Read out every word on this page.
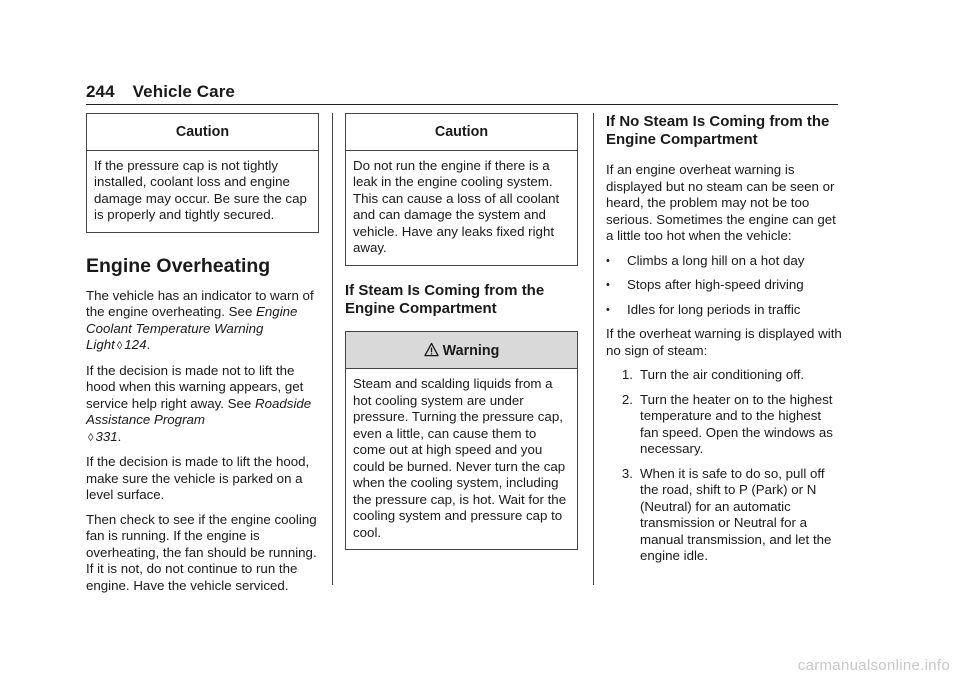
244 Vehicle Care
Caution
If the pressure cap is not tightly installed, coolant loss and engine damage may occur. Be sure the cap is properly and tightly secured.
Engine Overheating

The vehicle has an indicator to warn of the engine overheating. See Engine Coolant Temperature Warning Light ◊ 124.

If the decision is made not to lift the hood when this warning appears, get service help right away. See Roadside Assistance Program
◊ 331.

If the decision is made to lift the hood, make sure the vehicle is parked on a level surface.

Then check to see if the engine cooling fan is running. If the engine is overheating, the fan should be running. If it is not, do not continue to run the engine. Have the vehicle serviced.

Caution
Do not run the engine if there is a leak in the engine cooling system. This can cause a loss of all coolant and can damage the system and vehicle. Have any leaks fixed right away.
If Steam Is Coming from the Engine Compartment
Warning
Steam and scalding liquids from a hot cooling system are under pressure. Turning the pressure cap, even a little, can cause them to come out at high speed and you could be burned. Never turn the cap when the cooling system, including the pressure cap, is hot. Wait for the cooling system and pressure cap to cool.
If No Steam Is Coming from the Engine Compartment

If an engine overheat warning is displayed but no steam can be seen or heard, the problem may not be too serious. Sometimes the engine can get a little too hot when the vehicle:

• Climbs a long hill on a hot day
• Stops after high-speed driving
• Idles for long periods in traffic

If the overheat warning is displayed with no sign of steam:

1. Turn the air conditioning off.
2. Turn the heater on to the highest temperature and to the highest fan speed. Open the windows as necessary.
3. When it is safe to do so, pull off the road, shift to P (Park) or N (Neutral) for an automatic transmission or Neutral for a manual transmission, and let the engine idle.
carmanualsonline.info
